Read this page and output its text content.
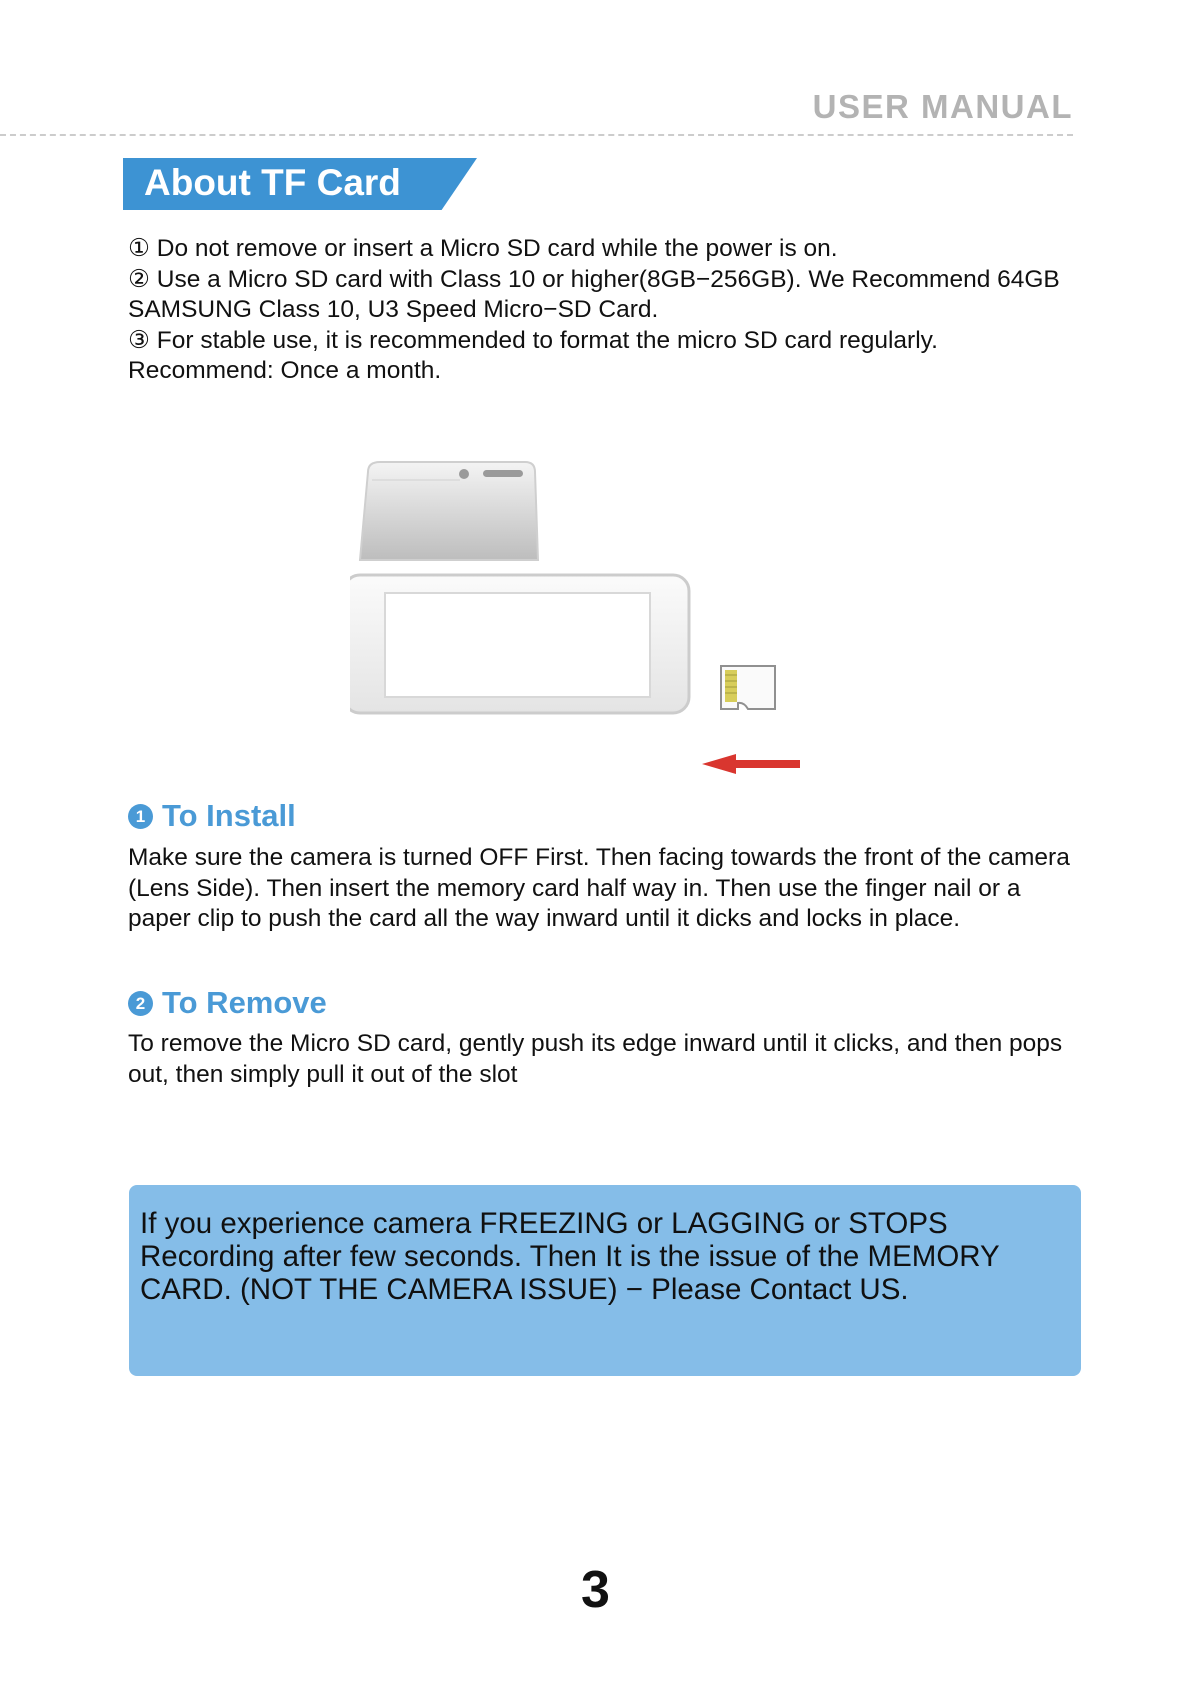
USER MANUAL
About TF Card

① Do not remove or insert a Micro SD card while the power is on.

② Use a Micro SD card with Class 10 or higher(8GB−256GB). We Recommend 64GB SAMSUNG Class 10, U3 Speed Micro−SD Card.

③ For stable use, it is recommended to format the micro SD card regularly. Recommend: Once a month.

1 To Install

Make sure the camera is turned OFF First. Then facing towards the front of the camera (Lens Side). Then insert the memory card half way in. Then use the finger nail or a paper clip to push the card all the way inward until it dicks and locks in place.

2 To Remove

To remove the Micro SD card, gently push its edge inward until it clicks, and then pops out, then simply pull it out of the slot

If you experience camera FREEZING or LAGGING or STOPS Recording after few seconds. Then It is the issue of the MEMORY CARD. (NOT THE CAMERA ISSUE) − Please Contact US.

3
